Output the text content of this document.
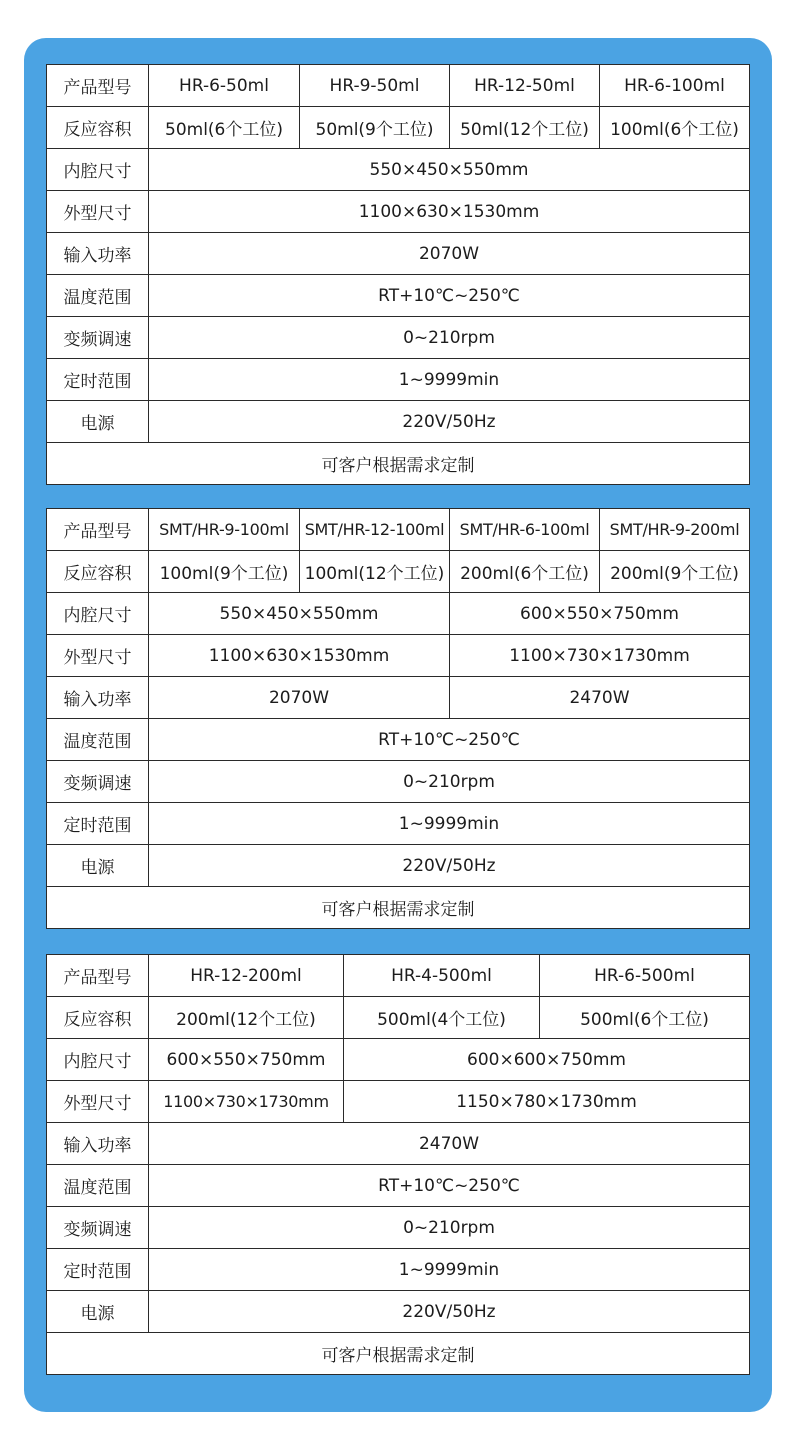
产品型号	HR-6-50ml	HR-9-50ml	HR-12-50ml	HR-6-100ml
反应容积	50ml(6个工位)	50ml(9个工位)	50ml(12个工位)	100ml(6个工位)
内腔尺寸	550×450×550mm			
外型尺寸	1100×630×1530mm			
输入功率	2070W			
温度范围	RT+10℃~250℃			
变频调速	0~210rpm			
定时范围	1~9999min			
电源	220V/50Hz			
可客户根据需求定制				
产品型号	SMT/HR-9-100ml	SMT/HR-12-100ml	SMT/HR-6-100ml	SMT/HR-9-200ml
反应容积	100ml(9个工位)	100ml(12个工位)	200ml(6个工位)	200ml(9个工位)
内腔尺寸	550×450×550mm		600×550×750mm	
外型尺寸	1100×630×1530mm		1100×730×1730mm	
输入功率	2070W		2470W	
温度范围	RT+10℃~250℃			
变频调速	0~210rpm			
定时范围	1~9999min			
电源	220V/50Hz			
可客户根据需求定制				
产品型号	HR-12-200ml	HR-4-500ml	HR-6-500ml
反应容积	200ml(12个工位)	500ml(4个工位)	500ml(6个工位)
内腔尺寸	600×550×750mm	600×600×750mm	
外型尺寸	1100×730×1730mm	1150×780×1730mm	
输入功率	2470W		
温度范围	RT+10℃~250℃		
变频调速	0~210rpm		
定时范围	1~9999min		
电源	220V/50Hz		
可客户根据需求定制			
